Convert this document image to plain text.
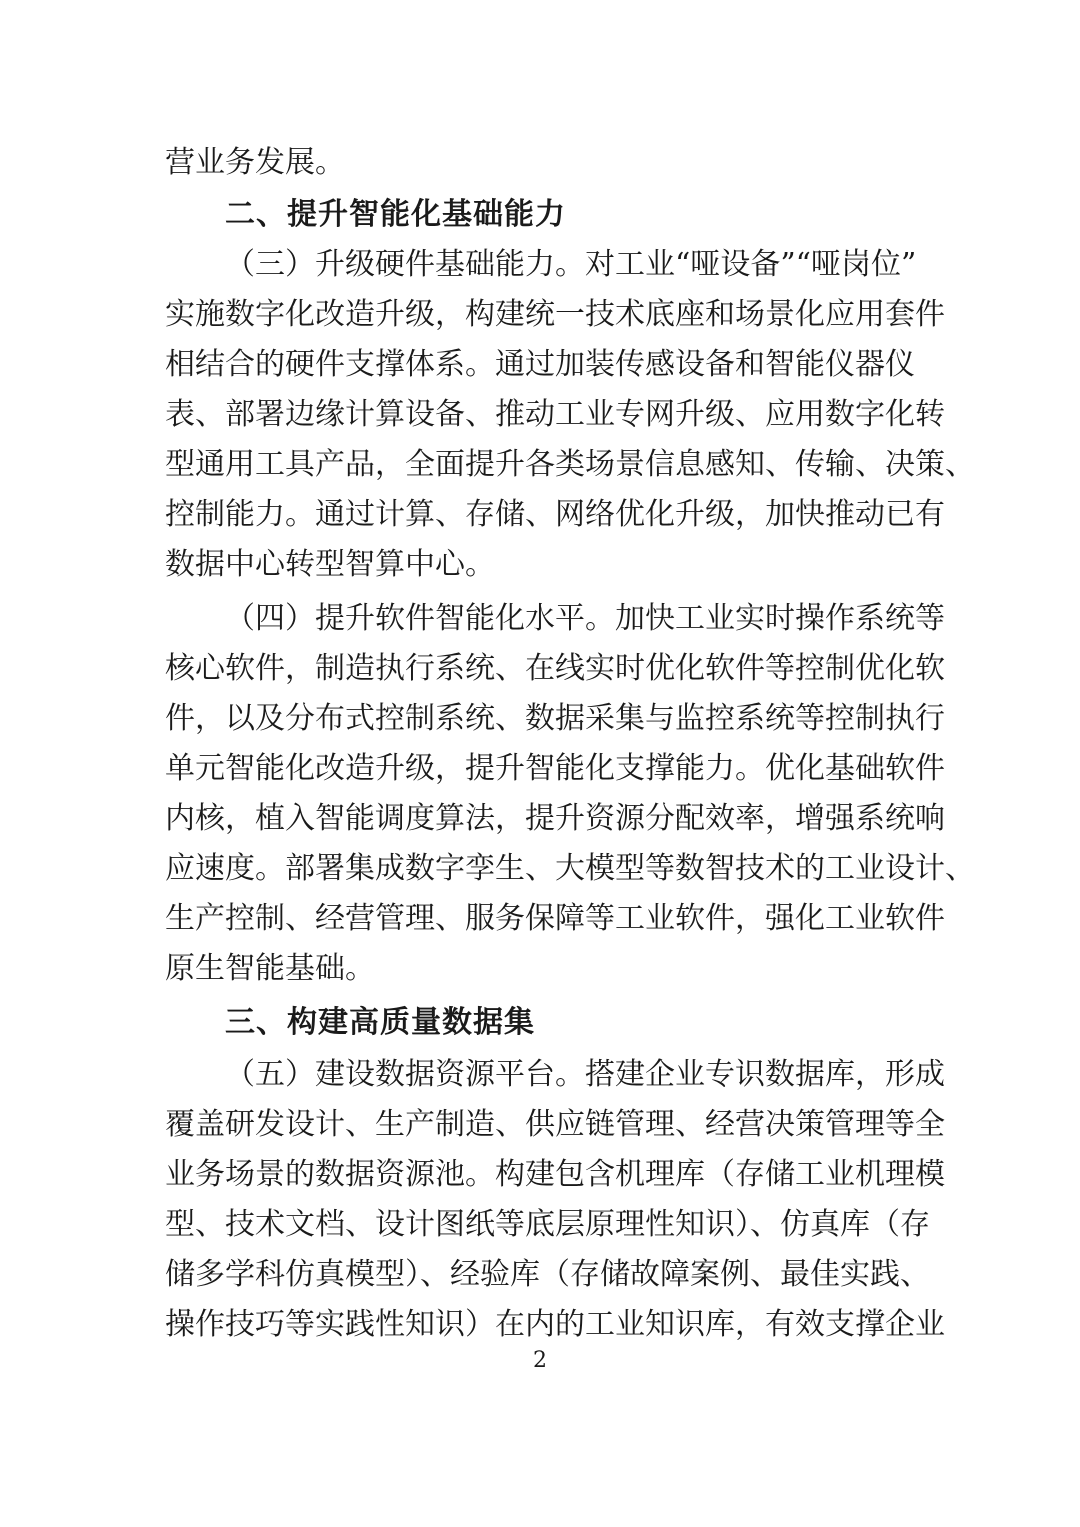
营业务发展。

二、提升智能化基础能力

（三）升级硬件基础能力。对工业“哑设备”“哑岗位”

实施数字化改造升级，构建统一技术底座和场景化应用套件

相结合的硬件支撑体系。通过加装传感设备和智能仪器仪

表、部署边缘计算设备、推动工业专网升级、应用数字化转

型通用工具产品，全面提升各类场景信息感知、传输、决策、

控制能力。通过计算、存储、网络优化升级，加快推动已有

数据中心转型智算中心。

（四）提升软件智能化水平。加快工业实时操作系统等

核心软件，制造执行系统、在线实时优化软件等控制优化软

件，以及分布式控制系统、数据采集与监控系统等控制执行

单元智能化改造升级，提升智能化支撑能力。优化基础软件

内核，植入智能调度算法，提升资源分配效率，增强系统响

应速度。部署集成数字孪生、大模型等数智技术的工业设计、

生产控制、经营管理、服务保障等工业软件，强化工业软件

原生智能基础。

三、构建高质量数据集

（五）建设数据资源平台。搭建企业专识数据库，形成

覆盖研发设计、生产制造、供应链管理、经营决策管理等全

业务场景的数据资源池。构建包含机理库（存储工业机理模

型、技术文档、设计图纸等底层原理性知识）、仿真库（存

储多学科仿真模型）、经验库（存储故障案例、最佳实践、

操作技巧等实践性知识）在内的工业知识库，有效支撑企业

2
